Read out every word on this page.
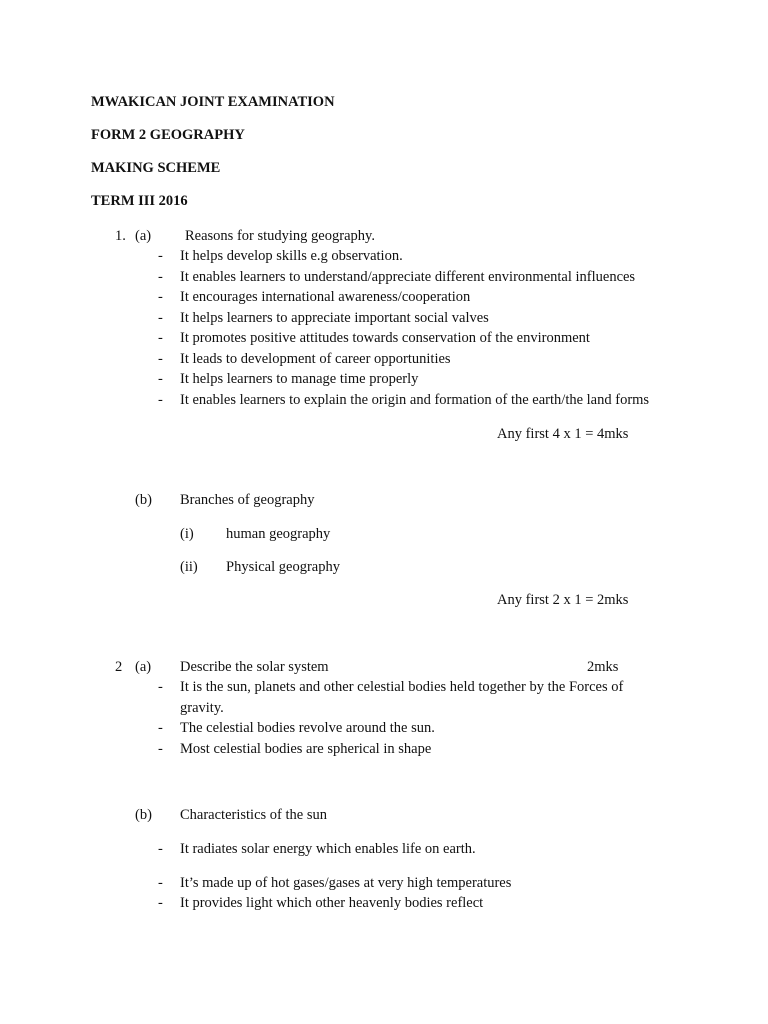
MWAKICAN JOINT EXAMINATION
FORM 2 GEOGRAPHY
MAKING SCHEME
TERM III 2016
1. (a) Reasons for studying geography.
- It helps develop skills e.g observation.
- It enables learners to understand/appreciate different environmental influences
- It encourages international awareness/cooperation
- It helps learners to appreciate important social valves
- It promotes positive attitudes towards conservation of the environment
- It leads to development of career opportunities
- It helps learners to manage time properly
- It enables learners to explain the origin and formation of the earth/the land forms
Any first 4 x 1 = 4mks
(b) Branches of geography
(i) human geography
(ii) Physical geography
Any first 2 x 1 = 2mks
2 (a) Describe the solar system	2mks
- It is the sun, planets and other celestial bodies held together by the Forces of
gravity.
- The celestial bodies revolve around the sun.
- Most celestial bodies are spherical in shape
(b) Characteristics of the sun
- It radiates solar energy which enables life on earth.
- It’s made up of hot gases/gases at very high temperatures
- It provides light which other heavenly bodies reflect
